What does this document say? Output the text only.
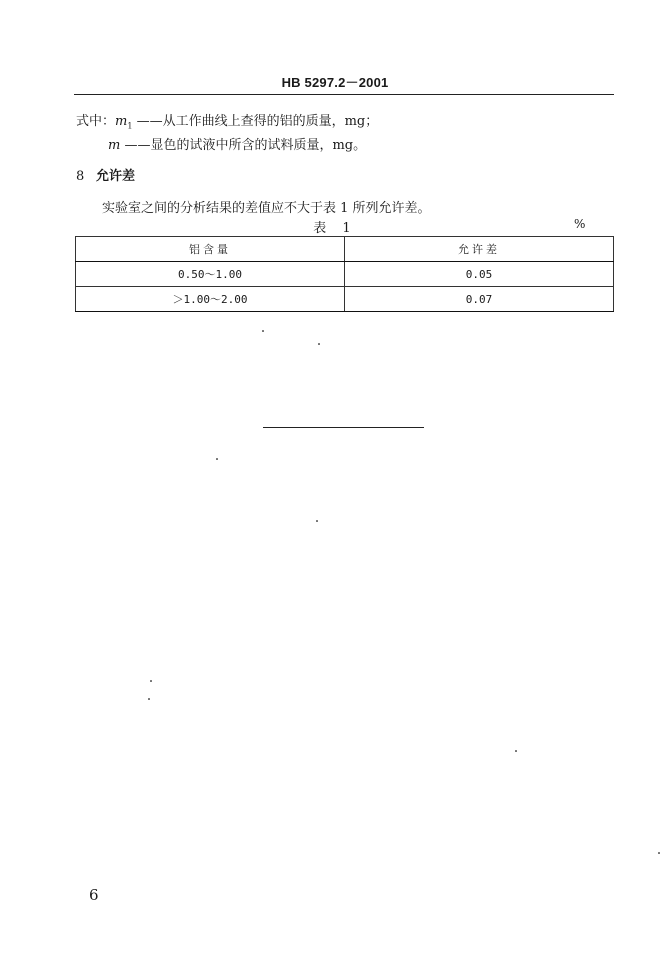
HB 5297.2－2001
式中：$m_1$ ——从工作曲线上查得的铝的质量，mg；
m ——显色的试液中所含的试料质量，mg。
8 允许差
实验室之间的分析结果的差值应不大于表 1 所列允许差。
表 1	%
铝含量	允许差
0.50～1.00	0.05
＞1.00～2.00	0.07
6
